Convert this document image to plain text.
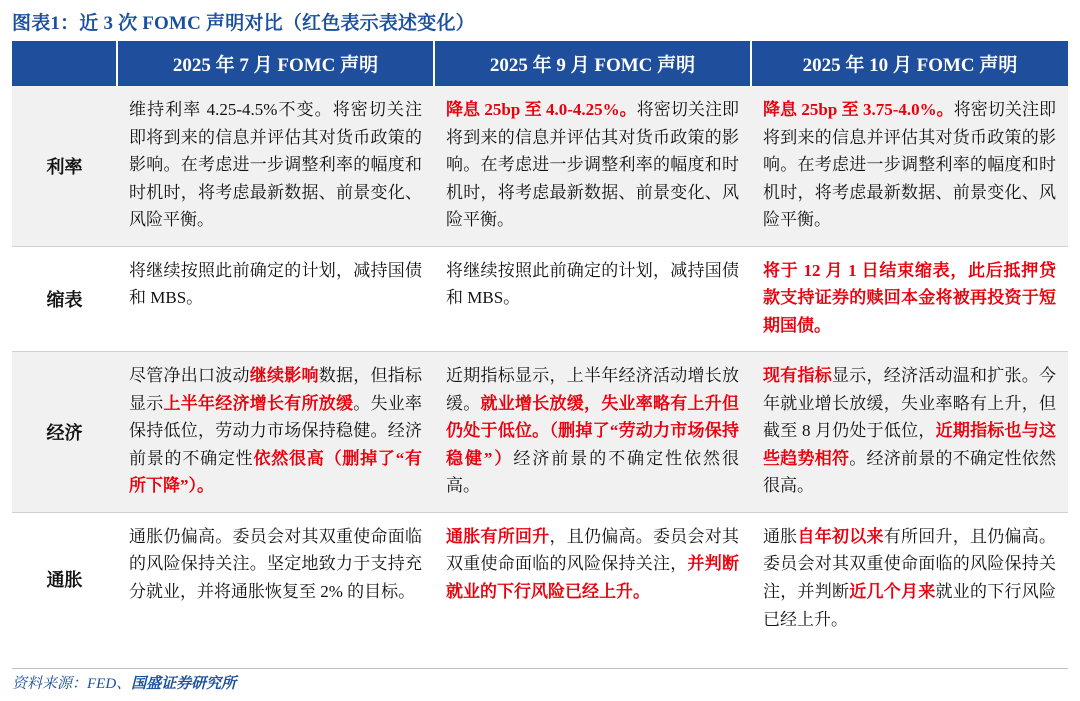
图表1：近 3 次 FOMC 声明对比（红色表示表述变化）
	2025 年 7 月 FOMC 声明	2025 年 9 月 FOMC 声明	2025 年 10 月 FOMC 声明
利率	维持利率 4.25-4.5%不变。将密切关注即将到来的信息并评估其对货币政策的影响。在考虑进一步调整利率的幅度和时机时，将考虑最新数据、前景变化、风险平衡。	降息 25bp 至 4.0-4.25%。将密切关注即将到来的信息并评估其对货币政策的影响。在考虑进一步调整利率的幅度和时机时，将考虑最新数据、前景变化、风险平衡。	降息 25bp 至 3.75-4.0%。将密切关注即将到来的信息并评估其对货币政策的影响。在考虑进一步调整利率的幅度和时机时，将考虑最新数据、前景变化、风险平衡。
缩表	将继续按照此前确定的计划，减持国债和 MBS。	将继续按照此前确定的计划，减持国债和 MBS。	将于 12 月 1 日结束缩表，此后抵押贷款支持证券的赎回本金将被再投资于短期国债。
经济	尽管净出口波动继续影响数据，但指标显示上半年经济增长有所放缓。失业率保持低位，劳动力市场保持稳健。经济前景的不确定性依然很高（删掉了“有所下降”）。	近期指标显示，上半年经济活动增长放缓。就业增长放缓，失业率略有上升但仍处于低位。（删掉了“劳动力市场保持稳健”）经济前景的不确定性依然很高。	现有指标显示，经济活动温和扩张。今年就业增长放缓，失业率略有上升，但截至 8 月仍处于低位，近期指标也与这些趋势相符。经济前景的不确定性依然很高。
通胀	通胀仍偏高。委员会对其双重使命面临的风险保持关注。坚定地致力于支持充分就业，并将通胀恢复至 2% 的目标。	通胀有所回升，且仍偏高。委员会对其双重使命面临的风险保持关注，并判断就业的下行风险已经上升。	通胀自年初以来有所回升，且仍偏高。委员会对其双重使命面临的风险保持关注，并判断近几个月来就业的下行风险已经上升。
资料来源：FED、国盛证券研究所
